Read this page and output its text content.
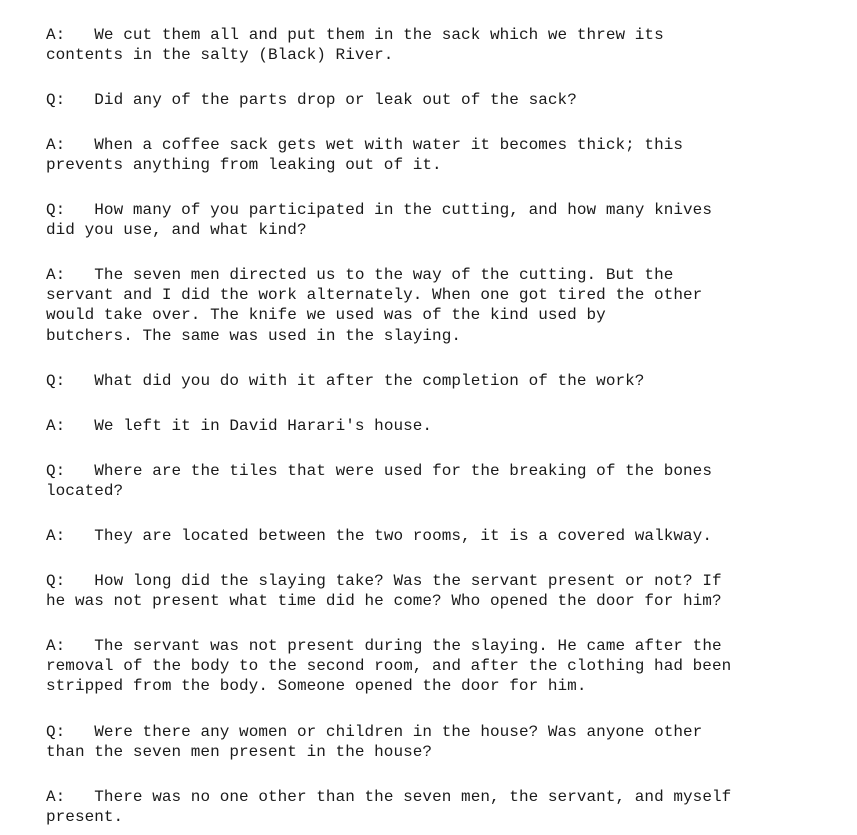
A: We cut them all and put them in the sack which we threw its
contents in the salty (Black) River.

Q: Did any of the parts drop or leak out of the sack?

A: When a coffee sack gets wet with water it becomes thick; this
prevents anything from leaking out of it.

Q: How many of you participated in the cutting, and how many knives
did you use, and what kind?

A: The seven men directed us to the way of the cutting. But the
servant and I did the work alternately. When one got tired the other
would take over. The knife we used was of the kind used by
butchers. The same was used in the slaying.

Q: What did you do with it after the completion of the work?

A: We left it in David Harari's house.

Q: Where are the tiles that were used for the breaking of the bones
located?

A: They are located between the two rooms, it is a covered walkway.

Q: How long did the slaying take? Was the servant present or not? If
he was not present what time did he come? Who opened the door for him?

A: The servant was not present during the slaying. He came after the
removal of the body to the second room, and after the clothing had been
stripped from the body. Someone opened the door for him.

Q: Were there any women or children in the house? Was anyone other
than the seven men present in the house?

A: There was no one other than the seven men, the servant, and myself
present.
